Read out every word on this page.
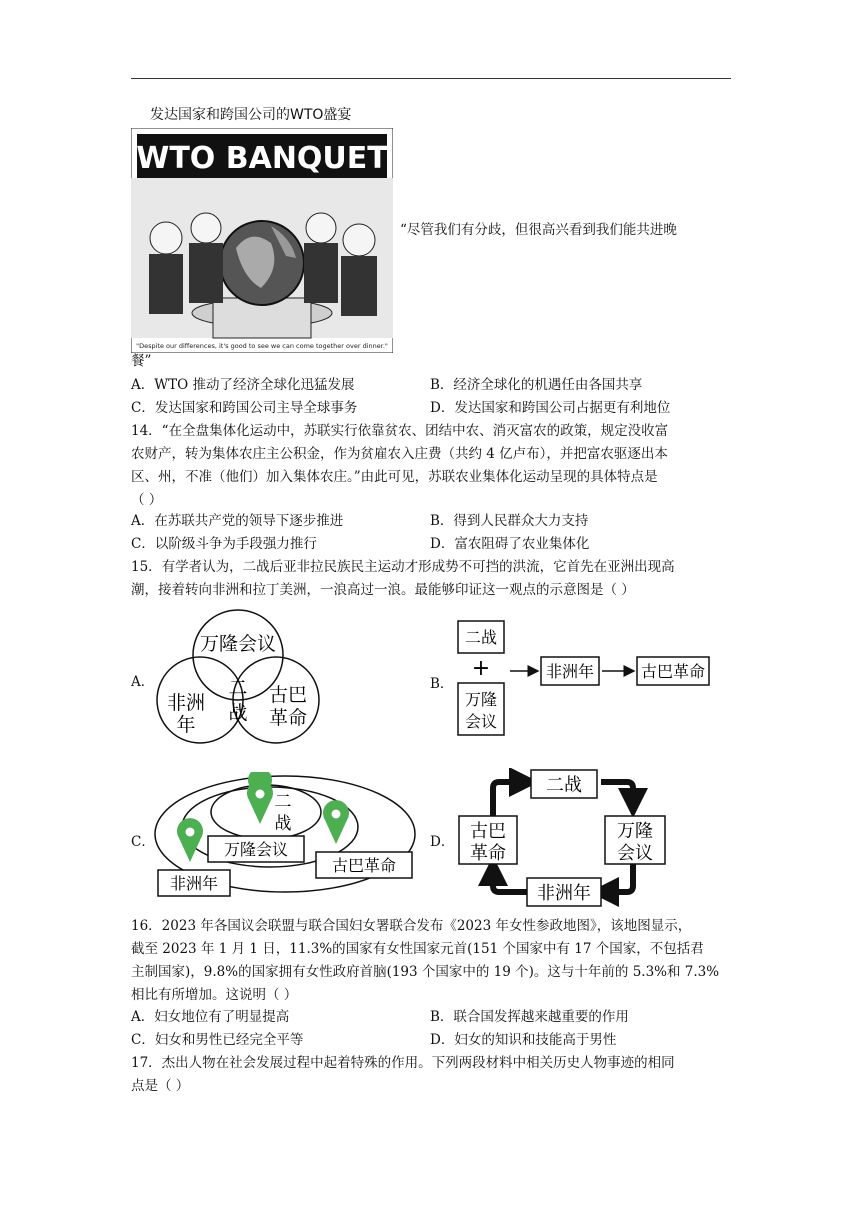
发达国家和跨国公司的WTO盛宴
WTO BANQUET
"Despite our differences, it's good to see we can come together over dinner."
“尽管我们有分歧，但很高兴看到我们能共进晚
餐”
A．WTO 推动了经济全球化迅猛发展	B．经济全球化的机遇任由各国共享
C．发达国家和跨国公司主导全球事务	D．发达国家和跨国公司占据更有利地位
14．“在全盘集体化运动中，苏联实行依靠贫农、团结中农、消灭富农的政策，规定没收富
农财产，转为集体农庄主公积金，作为贫雇农入庄费（共约 4 亿卢布），并把富农驱逐出本
区、州，不准（他们）加入集体农庄。”由此可见，苏联农业集体化运动呈现的具体特点是
（ ）
A．在苏联共产党的领导下逐步推进	B．得到人民群众大力支持
C．以阶级斗争为手段强力推行	D．富农阻碍了农业集体化
15．有学者认为，二战后亚非拉民族民主运动才形成势不可挡的洪流，它首先在亚洲出现高
潮，接着转向非洲和拉丁美洲，一浪高过一浪。最能够印证这一观点的示意图是（ ）
A．
万隆会议
非洲
年
二
战
古巴
革命
B．
二战
+
万隆
会议
非洲年	古巴革命
C．
二
战
万隆会议
非洲年
古巴革命
D．
二战
万隆
会议
非洲年
古巴
革命
16．2023 年各国议会联盟与联合国妇女署联合发布《2023 年女性参政地图》，该地图显示，
截至 2023 年 1 月 1 日，11.3%的国家有女性国家元首(151 个国家中有 17 个国家，不包括君
主制国家)，9.8%的国家拥有女性政府首脑(193 个国家中的 19 个)。这与十年前的 5.3%和 7.3%
相比有所增加。这说明（ ）
A．妇女地位有了明显提高	B．联合国发挥越来越重要的作用
C．妇女和男性已经完全平等	D．妇女的知识和技能高于男性
17．杰出人物在社会发展过程中起着特殊的作用。下列两段材料中相关历史人物事迹的相同
点是（ ）
